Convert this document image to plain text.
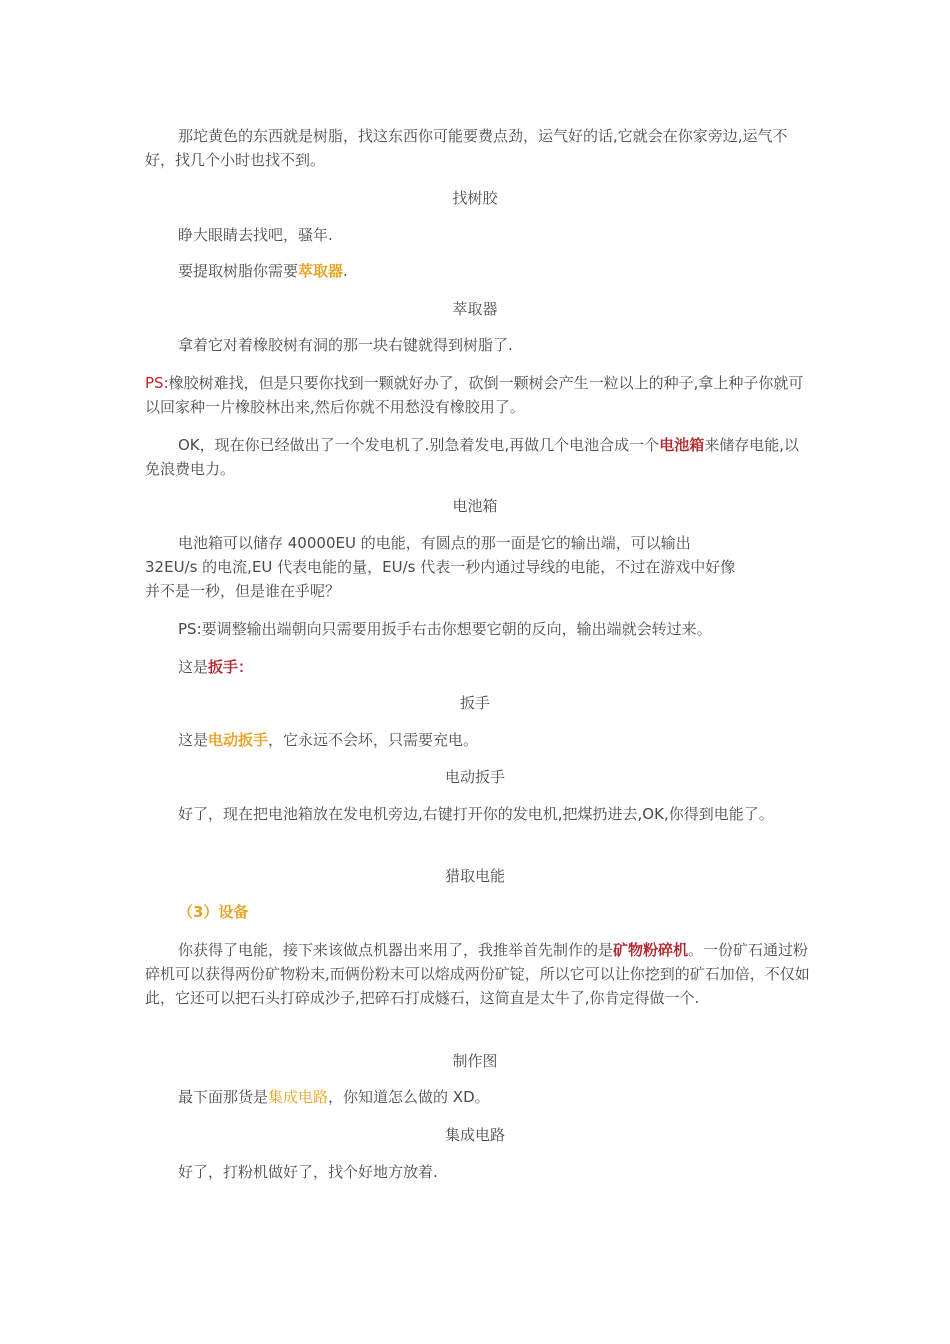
那坨黄色的东西就是树脂，找这东西你可能要费点劲，运气好的话,它就会在你家旁边,运气不好，找几个小时也找不到。

找树胶

睁大眼睛去找吧，骚年.

要提取树脂你需要萃取器.

萃取器

拿着它对着橡胶树有洞的那一块右键就得到树脂了.

PS:橡胶树难找，但是只要你找到一颗就好办了，砍倒一颗树会产生一粒以上的种子,拿上种子你就可以回家种一片橡胶林出来,然后你就不用愁没有橡胶用了。

OK，现在你已经做出了一个发电机了.别急着发电,再做几个电池合成一个电池箱来储存电能,以免浪费电力。

电池箱

电池箱可以储存 40000EU 的电能，有圆点的那一面是它的输出端，可以输出
32EU/s 的电流,EU 代表电能的量，EU/s 代表一秒内通过导线的电能，不过在游戏中好像
并不是一秒，但是谁在乎呢？

PS:要调整输出端朝向只需要用扳手右击你想要它朝的反向，输出端就会转过来。

这是扳手：

扳手

这是电动扳手，它永远不会坏，只需要充电。

电动扳手

好了，现在把电池箱放在发电机旁边,右键打开你的发电机,把煤扔进去,OK,你得到电能了。

猎取电能

（3）设备

你获得了电能，接下来该做点机器出来用了，我推举首先制作的是矿物粉碎机。一份矿石通过粉碎机可以获得两份矿物粉末,而俩份粉末可以熔成两份矿锭，所以它可以让你挖到的矿石加倍，不仅如此，它还可以把石头打碎成沙子,把碎石打成燧石，这简直是太牛了,你肯定得做一个.

制作图

最下面那货是集成电路，你知道怎么做的 XD。

集成电路

好了，打粉机做好了，找个好地方放着.
